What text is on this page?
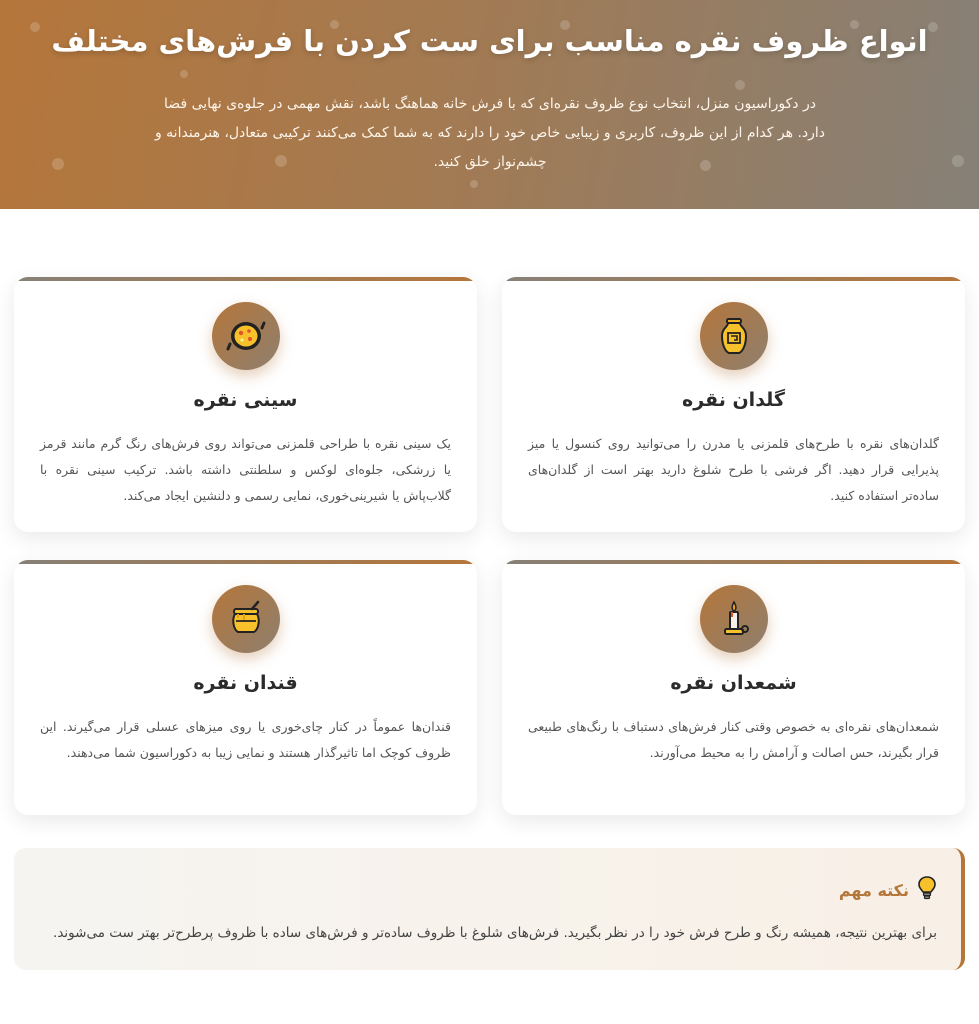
انواع ظروف نقره مناسب برای ست کردن با فرش‌های مختلف

در دکوراسیون منزل، انتخاب نوع ظروف نقره‌ای که با فرش خانه هماهنگ باشد، نقش مهمی در جلوه‌ی نهایی فضا دارد. هر کدام از این ظروف، کاربری و زیبایی خاص خود را دارند که به شما کمک می‌کنند ترکیبی متعادل، هنرمندانه و چشم‌نواز خلق کنید.

گلدان نقره

گلدان‌های نقره با طرح‌های قلمزنی یا مدرن را می‌توانید روی کنسول یا میز پذیرایی قرار دهید. اگر فرشی با طرح شلوغ دارید بهتر است از گلدان‌های ساده‌تر استفاده کنید.

سینی نقره

یک سینی نقره با طراحی قلمزنی می‌تواند روی فرش‌های رنگ گرم مانند قرمز یا زرشکی، جلوه‌ای لوکس و سلطنتی داشته باشد. ترکیب سینی نقره با گلاب‌پاش یا شیرینی‌خوری، نمایی رسمی و دلنشین ایجاد می‌کند.

شمعدان نقره

شمعدان‌های نقره‌ای به خصوص وقتی کنار فرش‌های دستباف با رنگ‌های طبیعی قرار بگیرند، حس اصالت و آرامش را به محیط می‌آورند.

قندان نقره

قندان‌ها عموماً در کنار چای‌خوری یا روی میزهای عسلی قرار می‌گیرند. این ظروف کوچک اما تاثیرگذار هستند و نمایی زیبا به دکوراسیون شما می‌دهند.

نکته مهم

برای بهترین نتیجه، همیشه رنگ و طرح فرش خود را در نظر بگیرید. فرش‌های شلوغ با ظروف ساده‌تر و فرش‌های ساده با ظروف پرطرح‌تر بهتر ست می‌شوند.
